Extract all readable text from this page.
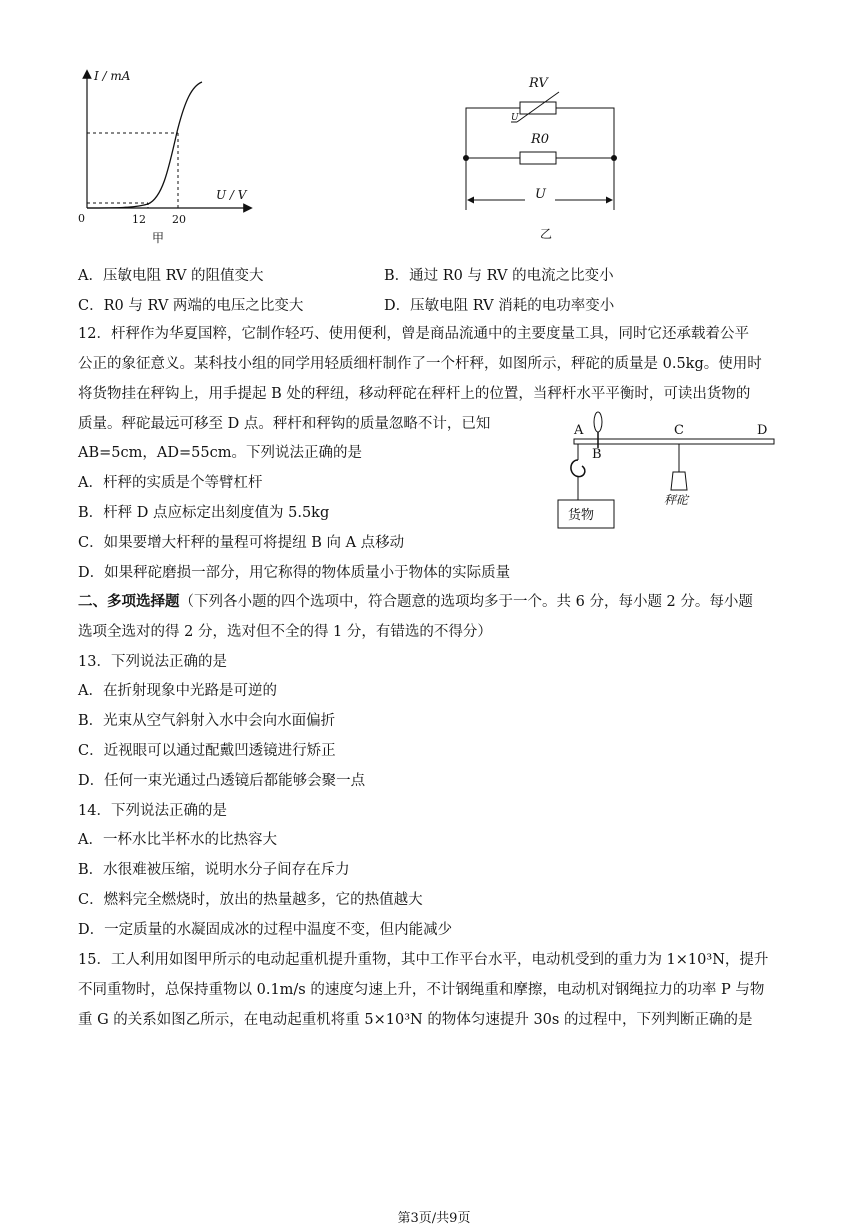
I / mA
U / V
0	12 20
甲
RV
U
R0
U
乙
A．压敏电阻 RV 的阻值变大	B．通过 R0 与 RV 的电流之比变小
C．R0 与 RV 两端的电压之比变大	D．压敏电阻 RV 消耗的电功率变小
12．杆秤作为华夏国粹，它制作轻巧、使用便利，曾是商品流通中的主要度量工具，同时它还承载着公平
公正的象征意义。某科技小组的同学用轻质细杆制作了一个杆秤，如图所示，秤砣的质量是 0.5kg。使用时
将货物挂在秤钩上，用手提起 B 处的秤纽，移动秤砣在秤杆上的位置，当秤杆水平平衡时，可读出货物的
质量。秤砣最远可移至 D 点。秤杆和秤钩的质量忽略不计，已知
AB=5cm，AD=55cm。下列说法正确的是
A．杆秤的实质是个等臂杠杆
B．杆秤 D 点应标定出刻度值为 5.5kg
C．如果要增大杆秤的量程可将提纽 B 向 A 点移动
D．如果秤砣磨损一部分，用它称得的物体质量小于物体的实际质量
货物
秤砣
A
B
C	D
二、多项选择题（下列各小题的四个选项中，符合题意的选项均多于一个。共 6 分，每小题 2 分。每小题
选项全选对的得 2 分，选对但不全的得 1 分，有错选的不得分）
13．下列说法正确的是
A．在折射现象中光路是可逆的
B．光束从空气斜射入水中会向水面偏折
C．近视眼可以通过配戴凹透镜进行矫正
D．任何一束光通过凸透镜后都能够会聚一点
14．下列说法正确的是
A．一杯水比半杯水的比热容大
B．水很难被压缩，说明水分子间存在斥力
C．燃料完全燃烧时，放出的热量越多，它的热值越大
D．一定质量的水凝固成冰的过程中温度不变，但内能减少
15．工人利用如图甲所示的电动起重机提升重物，其中工作平台水平，电动机受到的重力为 1×10³N，提升
不同重物时，总保持重物以 0.1m/s 的速度匀速上升，不计钢绳重和摩擦，电动机对钢绳拉力的功率 P 与物
重 G 的关系如图乙所示，在电动起重机将重 5×10³N 的物体匀速提升 30s 的过程中，下列判断正确的是
第3页/共9页
